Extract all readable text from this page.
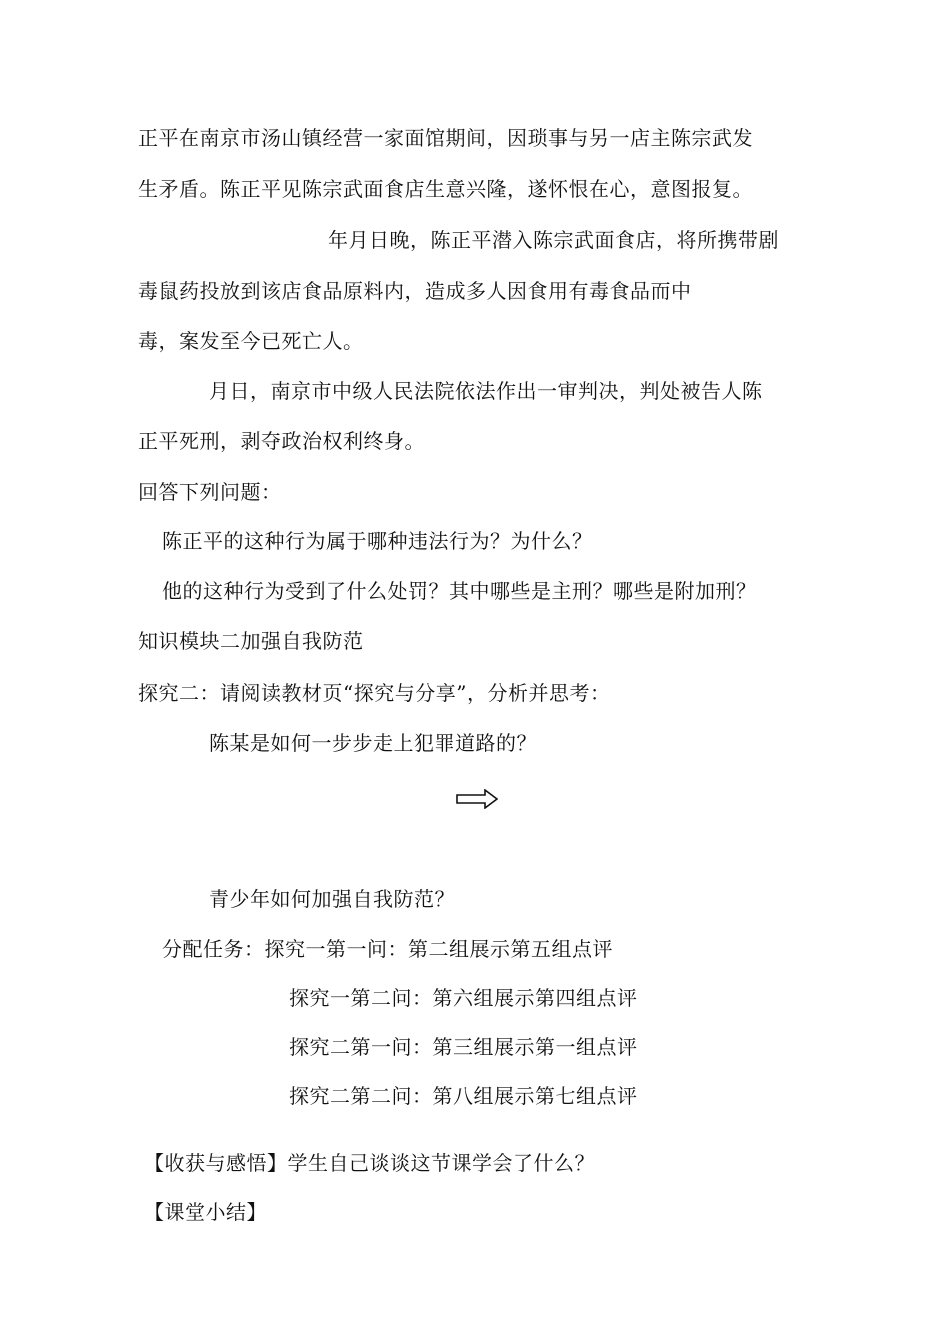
正平在南京市汤山镇经营一家面馆期间，因琐事与另一店主陈宗武发
生矛盾。陈正平见陈宗武面食店生意兴隆，遂怀恨在心，意图报复。
年月日晚，陈正平潜入陈宗武面食店，将所携带剧
毒鼠药投放到该店食品原料内，造成多人因食用有毒食品而中
毒，案发至今已死亡人。
月日，南京市中级人民法院依法作出一审判决，判处被告人陈
正平死刑，剥夺政治权利终身。
回答下列问题：
陈正平的这种行为属于哪种违法行为？为什么？
他的这种行为受到了什么处罚？其中哪些是主刑？哪些是附加刑？
知识模块二加强自我防范
探究二：请阅读教材页“探究与分享”，分析并思考：
陈某是如何一步步走上犯罪道路的？
青少年如何加强自我防范？
分配任务：探究一第一问：第二组展示第五组点评
探究一第二问：第六组展示第四组点评
探究二第一问：第三组展示第一组点评
探究二第二问：第八组展示第七组点评
【收获与感悟】学生自己谈谈这节课学会了什么？
【课堂小结】
